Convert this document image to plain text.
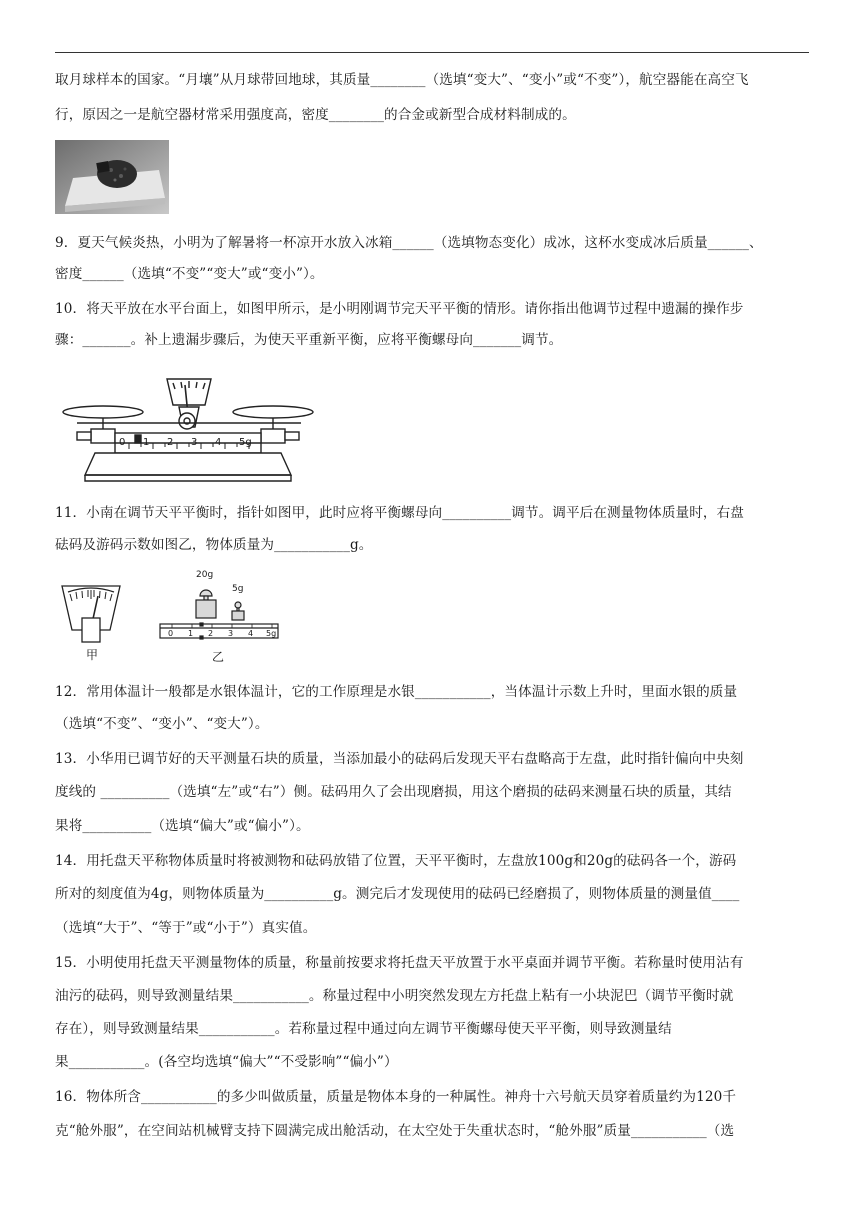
取月球样本的国家。“月壤”从月球带回地球，其质量________（选填“变大”、“变小”或“不变”），航空器能在高空飞
行，原因之一是航空器材常采用强度高，密度________的合金或新型合成材料制成的。
9．夏天气候炎热，小明为了解暑将一杯凉开水放入冰箱______（选填物态变化）成冰，这杯水变成冰后质量______、
密度______（选填“不变”“变大”或“变小”）。
10．将天平放在水平台面上，如图甲所示，是小明刚调节完天平平衡的情形。请你指出他调节过程中遗漏的操作步
骤：_______。补上遗漏步骤后，为使天平重新平衡，应将平衡螺母向_______调节。
0 1 2 3 4 5g
11．小南在调节天平平衡时，指针如图甲，此时应将平衡螺母向__________调节。调平后在测量物体质量时，右盘
砝码及游码示数如图乙，物体质量为___________g。
甲
20g
5g
0 1 2 3 4 5g
乙
12．常用体温计一般都是水银体温计，它的工作原理是水银___________，当体温计示数上升时，里面水银的质量
（选填“不变”、“变小”、“变大”）。
13．小华用已调节好的天平测量石块的质量，当添加最小的砝码后发现天平右盘略高于左盘，此时指针偏向中央刻
度线的 __________（选填“左”或“右”）侧。砝码用久了会出现磨损，用这个磨损的砝码来测量石块的质量，其结
果将__________（选填“偏大”或“偏小”）。
14．用托盘天平称物体质量时将被测物和砝码放错了位置，天平平衡时，左盘放100g和20g的砝码各一个，游码
所对的刻度值为4g，则物体质量为__________g。测完后才发现使用的砝码已经磨损了，则物体质量的测量值____
（选填“大于”、“等于”或“小于”）真实值。
15．小明使用托盘天平测量物体的质量，称量前按要求将托盘天平放置于水平桌面并调节平衡。若称量时使用沾有
油污的砝码，则导致测量结果___________。称量过程中小明突然发现左方托盘上粘有一小块泥巴（调节平衡时就
存在），则导致测量结果___________。若称量过程中通过向左调节平衡螺母使天平平衡，则导致测量结
果___________。(各空均选填“偏大”“不受影响”“偏小”）
16．物体所含___________的多少叫做质量，质量是物体本身的一种属性。神舟十六号航天员穿着质量约为120千
克“舱外服”，在空间站机械臂支持下圆满完成出舱活动，在太空处于失重状态时，“舱外服”质量___________（选
